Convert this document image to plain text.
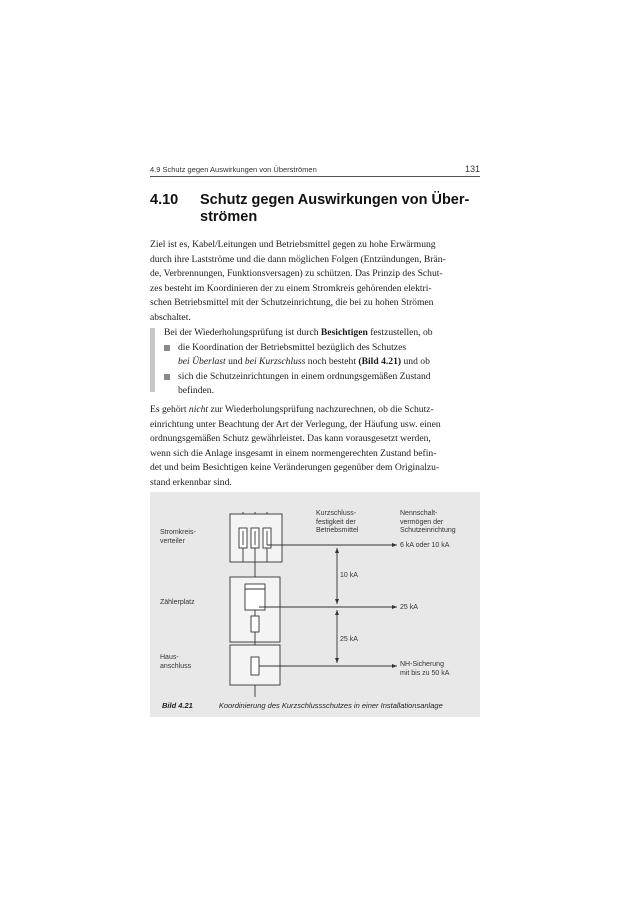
4.9 Schutz gegen Auswirkungen von Überströmen	131
4.10 Schutz gegen Auswirkungen von Über-
strömen
Ziel ist es, Kabel/Leitungen und Betriebsmittel gegen zu hohe Erwärmung
durch ihre Lastströme und die dann möglichen Folgen (Entzündungen, Brän-
de, Verbrennungen, Funktionsversagen) zu schützen. Das Prinzip des Schut-
zes besteht im Koordinieren der zu einem Stromkreis gehörenden elektri-
schen Betriebsmittel mit der Schutzeinrichtung, die bei zu hohen Strömen
abschaltet.
Bei der Wiederholungsprüfung ist durch Besichtigen festzustellen, ob
die Koordination der Betriebsmittel bezüglich des Schutzes
bei Überlast und bei Kurzschluss noch besteht (Bild 4.21) und ob
sich die Schutzeinrichtungen in einem ordnungsgemäßen Zustand
befinden.
Es gehört nicht zur Wiederholungsprüfung nachzurechnen, ob die Schutz-
einrichtung unter Beachtung der Art der Verlegung, der Häufung usw. einen
ordnungsgemäßen Schutz gewährleistet. Das kann vorausgesetzt werden,
wenn sich die Anlage insgesamt in einem normengerechten Zustand befin-
det und beim Besichtigen keine Veränderungen gegenüber dem Originalzu-
stand erkennbar sind.
Stromkreis-
verteiler
Zählerplatz
Haus-
anschluss
Kurzschluss-
festigkeit der
Betriebsmittel
Nennschalt-
vermögen der
Schutzeinrichtung
6 kA oder 10 kA
10 kA
25 kA
25 kA
NH-Sicherung
mit bis zu 50 kA
Bild 4.21	Koordinierung des Kurzschlussschutzes in einer Installationsanlage
